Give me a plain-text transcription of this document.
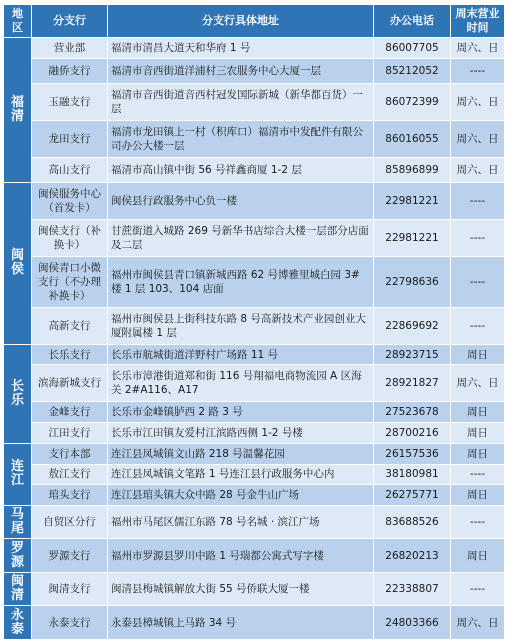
地区	分支行	分支行具体地址	办公电话	周末营业时间
福清	营业部	福清市清昌大道天和华府 1 号	86007705	周六、日
	融侨支行	福清市音西街道洋浦村三农服务中心大厦一层	85212052	----
	玉融支行	福清市音西街道音西村冠发国际新城（新华都百货）一层	86072399	周六、日
	龙田支行	福清市龙田镇上一村（积库口）福清市中发配件有限公司办公大楼一层	86016055	周六、日
	高山支行	福清市高山镇中街 56 号祥鑫商厦 1-2 层	85896899	周六、日
闽侯	闽侯服务中心（首发卡）	闽侯县行政服务中心负一楼	22981221	----
	闽侯支行（补换卡）	甘蔗街道入城路 269 号新华书店综合大楼一层部分店面及二层	22981221	----
	闽侯青口小微支行（不办理补换卡）	福州市闽侯县青口镇新城西路 62 号博雅里城白园 3#楼 1 层 103、104 店面	22798636	----
	高新支行	福州市闽侯县上街科技东路 8 号高新技术产业园创业大厦附属楼 1 层	22869692	----
长乐	长乐支行	长乐市航城街道洋野村广场路 11 号	28923715	周日
	滨海新城支行	长乐市漳港街道郑和街 116 号翔福电商物流园 A 区海关 2#A116、A17	28921827	周六、日
	金峰支行	长乐市金峰镇胪西 2 路 3 号	27523678	周日
	江田支行	长乐市江田镇友爱村江滨路西侧 1-2 号楼	28700216	周日
连江	支行本部	连江县凤城镇文山路 218 号温馨花园	26157536	周日
	敖江支行	连江县凤城镇文笔路 1 号连江县行政服务中心内	38180981	----
	琯头支行	连江县琯头镇大众中路 28 号金牛山广场	26275771	周日
马尾	自贸区分行	福州市马尾区儒江东路 78 号名城 · 滨江广场	83688526	----
罗源	罗源支行	福州市罗源县罗川中路 1 号瑞都公寓式写字楼	26820213	周日
闽清	闽清支行	闽清县梅城镇解放大街 55 号侨联大厦一楼	22338807	----
永泰	永泰支行	永泰县樟城镇上马路 34 号	24803366	周六、日
